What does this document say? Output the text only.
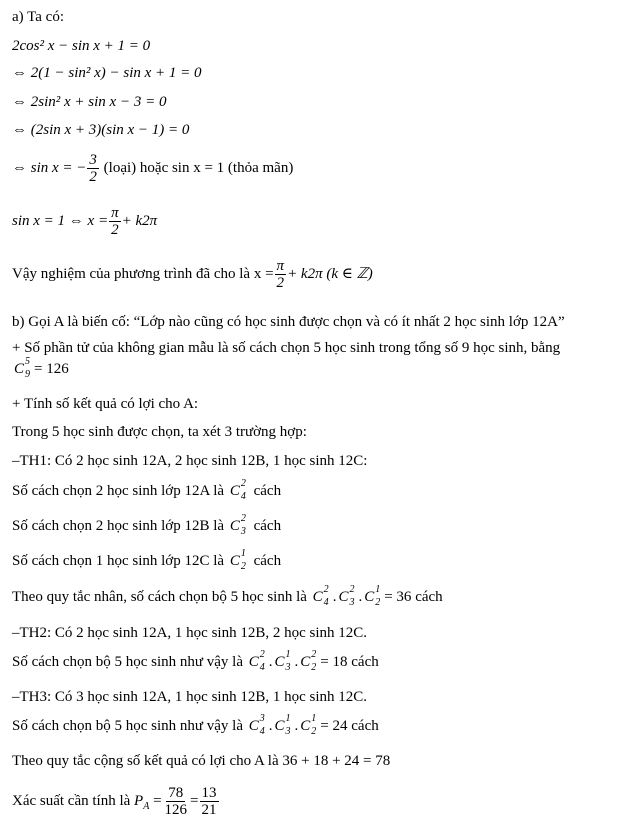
a) Ta có:
2cos² x − sin x + 1 = 0
⇔ 2(1 − sin² x) − sin x + 1 = 0
⇔ 2sin² x + sin x − 3 = 0
⇔ (2sin x + 3)(sin x − 1) = 0
⇔ sin x = − $\frac{3}{2}$ (loại) hoặc sin x = 1 (thỏa mãn)
sin x = 1 ⇔ $x = \frac{\pi}{2} + k2\pi$
Vậy nghiệm của phương trình đã cho là $x = \frac{\pi}{2} + k2\pi$ (k ∈ ℤ)
b) Gọi A là biến cố: “Lớp nào cũng có học sinh được chọn và có ít nhất 2 học sinh lớp 12A”
+ Số phần tử của không gian mẫu là số cách chọn 5 học sinh trong tổng số 9 học sinh, bằng
C 5
9 = 126
+ Tính số kết quả có lợi cho A:
Trong 5 học sinh được chọn, ta xét 3 trường hợp:
–TH1: Có 2 học sinh 12A, 2 học sinh 12B, 1 học sinh 12C:
Số cách chọn 2 học sinh lớp 12A là C 2
4 cách
Số cách chọn 2 học sinh lớp 12B là C 2
3 cách
Số cách chọn 1 học sinh lớp 12C là C 1
2 cách
Theo quy tắc nhân, số cách chọn bộ 5 học sinh là C 2
4 . C 2
3 . C 1
2 = 36 cách
–TH2: Có 2 học sinh 12A, 1 học sinh 12B, 2 học sinh 12C.
Số cách chọn bộ 5 học sinh như vậy là C 2
4 . C 1
3 . C 2
2 = 18 cách
–TH3: Có 3 học sinh 12A, 1 học sinh 12B, 1 học sinh 12C.
Số cách chọn bộ 5 học sinh như vậy là C 3
4 . C 1
3 . C 1
2 = 24 cách
Theo quy tắc cộng số kết quả có lợi cho A là 36 + 18 + 24 = 78
Xác suất cần tính là $P_A = \frac{78}{126} = \frac{13}{21}$
